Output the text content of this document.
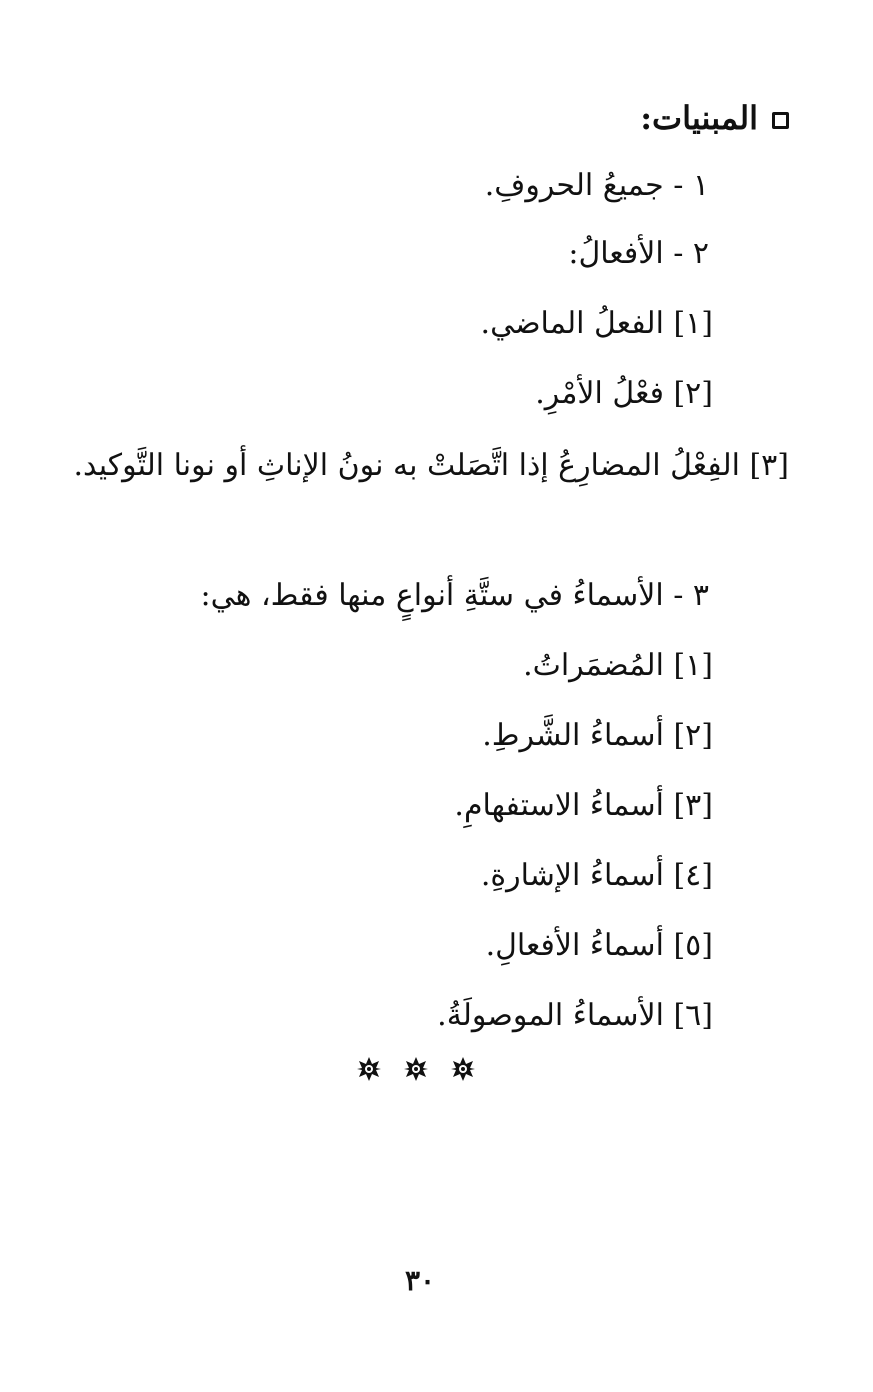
المبنيات:
١ - جميعُ الحروفِ.
٢ - الأفعالُ:
[١] الفعلُ الماضي.
[٢] فعْلُ الأمْرِ.
[٣] الفِعْلُ المضارِعُ إذا اتَّصَلتْ به نونُ الإناثِ أو نونا التَّوكيد.
٣ - الأسماءُ في ستَّةِ أنواعٍ منها فقط، هي:
[١] المُضمَراتُ.
[٢] أسماءُ الشَّرطِ.
[٣] أسماءُ الاستفهامِ.
[٤] أسماءُ الإشارةِ.
[٥] أسماءُ الأفعالِ.
[٦] الأسماءُ الموصولَةُ.
٣٠
